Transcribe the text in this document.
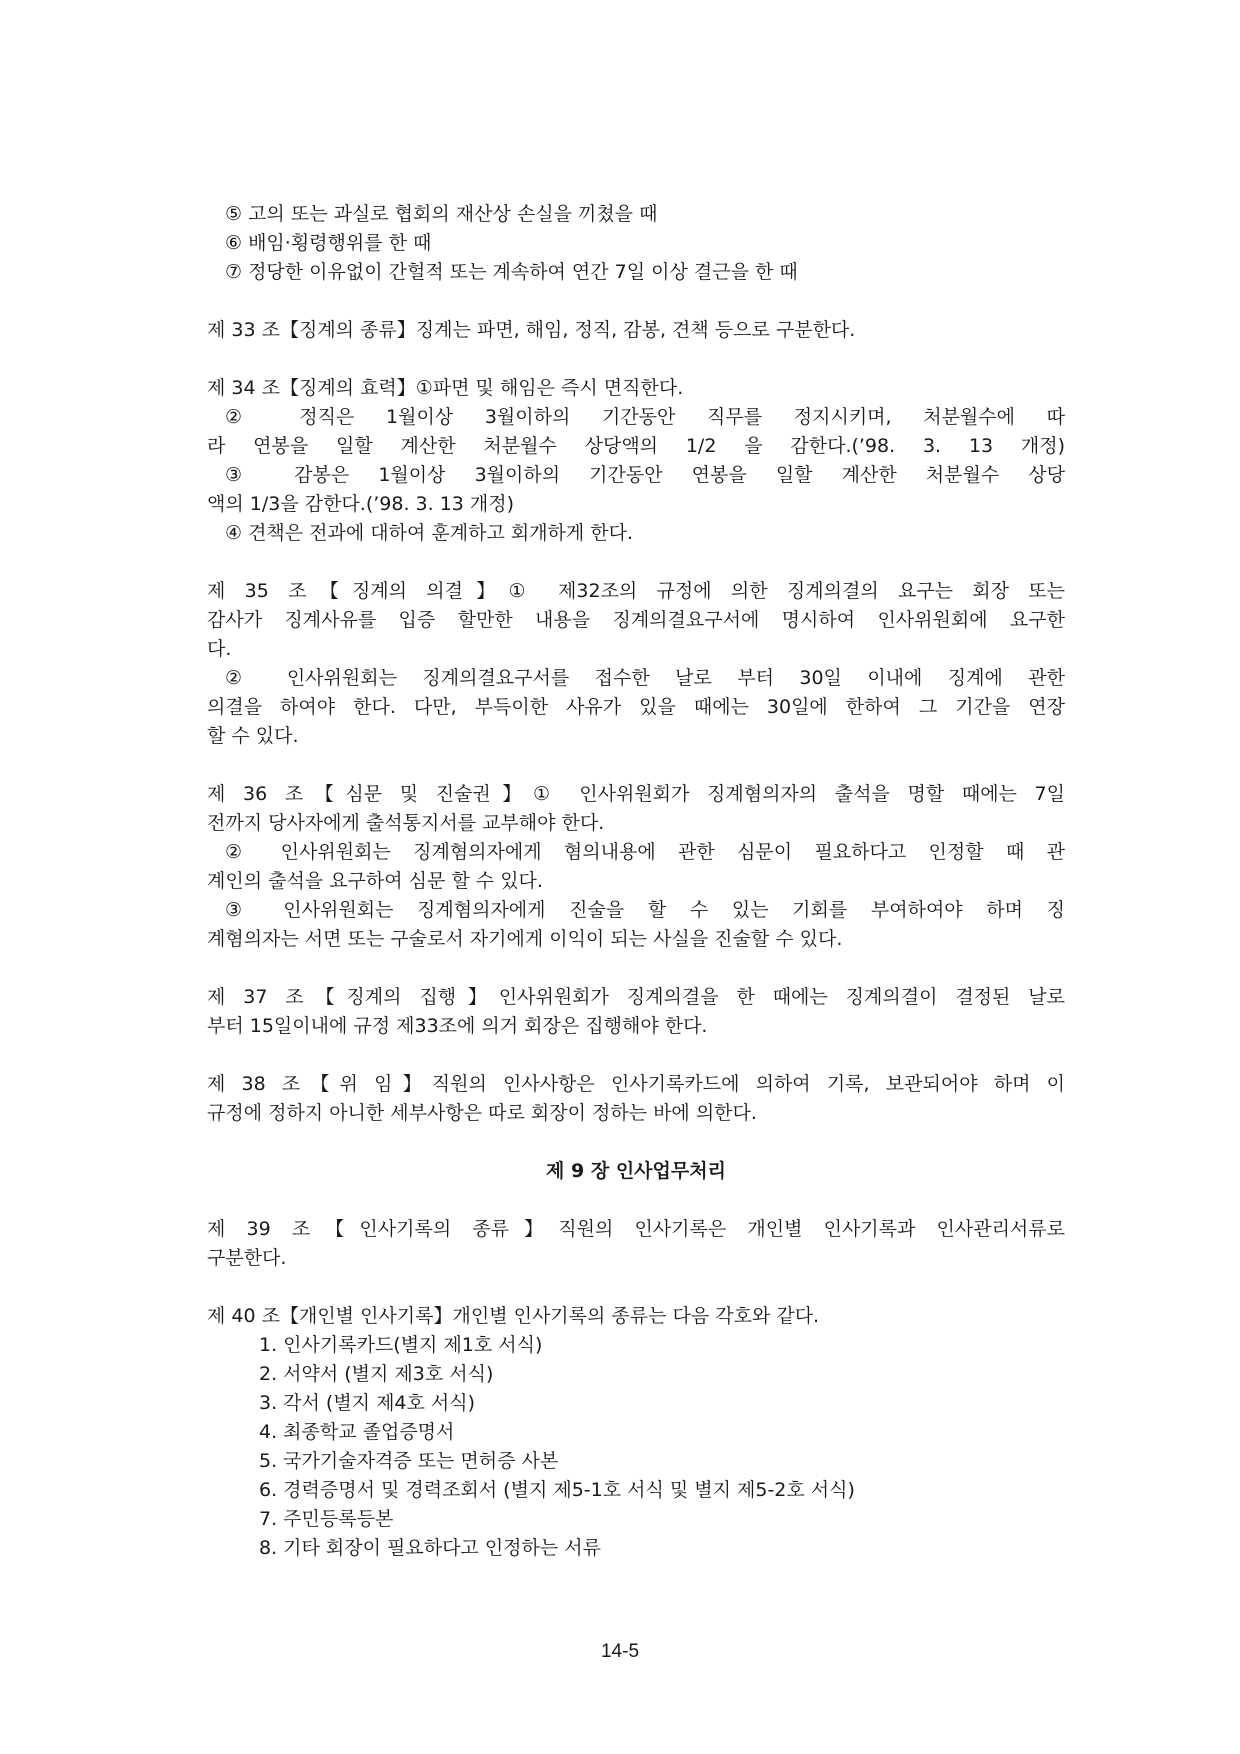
⑤ 고의 또는 과실로 협회의 재산상 손실을 끼쳤을 때
⑥ 배임‧횡령행위를 한 때
⑦ 정당한 이유없이 간헐적 또는 계속하여 연간 7일 이상 결근을 한 때
제 33 조【징계의 종류】징계는 파면, 해임, 정직, 감봉, 견책 등으로 구분한다.
제 34 조【징계의 효력】①파면 및 해임은 즉시 면직한다.
② 정직은 1월이상 3월이하의 기간동안 직무를 정지시키며, 처분월수에 따
라 연봉을 일할 계산한 처분월수 상당액의 1/2 을 감한다.(’98. 3. 13 개정)
③ 감봉은 1월이상 3월이하의 기간동안 연봉을 일할 계산한 처분월수 상당
액의 1/3을 감한다.(’98. 3. 13 개정)
④ 견책은 전과에 대하여 훈계하고 회개하게 한다.
제 35 조【징계의 의결】① 제32조의 규정에 의한 징계의결의 요구는 회장 또는
감사가 징계사유를 입증 할만한 내용을 징계의결요구서에 명시하여 인사위원회에 요구한
다.
② 인사위원회는 징계의결요구서를 접수한 날로 부터 30일 이내에 징계에 관한
의결을 하여야 한다. 다만, 부득이한 사유가 있을 때에는 30일에 한하여 그 기간을 연장
할 수 있다.
제 36 조【심문 및 진술권】① 인사위원회가 징계혐의자의 출석을 명할 때에는 7일
전까지 당사자에게 출석통지서를 교부해야 한다.
② 인사위원회는 징계혐의자에게 혐의내용에 관한 심문이 필요하다고 인정할 때 관
계인의 출석을 요구하여 심문 할 수 있다.
③ 인사위원회는 징계혐의자에게 진술을 할 수 있는 기회를 부여하여야 하며 징
계혐의자는 서면 또는 구술로서 자기에게 이익이 되는 사실을 진술할 수 있다.
제 37 조【징계의 집행】인사위원회가 징계의결을 한 때에는 징계의결이 결정된 날로
부터 15일이내에 규정 제33조에 의거 회장은 집행해야 한다.
제 38 조【위 임】직원의 인사사항은 인사기록카드에 의하여 기록, 보관되어야 하며 이
규정에 정하지 아니한 세부사항은 따로 회장이 정하는 바에 의한다.
제 9 장 인사업무처리
제 39 조【인사기록의 종류】직원의 인사기록은 개인별 인사기록과 인사관리서류로
구분한다.
제 40 조【개인별 인사기록】개인별 인사기록의 종류는 다음 각호와 같다.
1. 인사기록카드(별지 제1호 서식)
2. 서약서 (별지 제3호 서식)
3. 각서 (별지 제4호 서식)
4. 최종학교 졸업증명서
5. 국가기술자격증 또는 면허증 사본
6. 경력증명서 및 경력조회서 (별지 제5-1호 서식 및 별지 제5-2호 서식)
7. 주민등록등본
8. 기타 회장이 필요하다고 인정하는 서류
14-5
